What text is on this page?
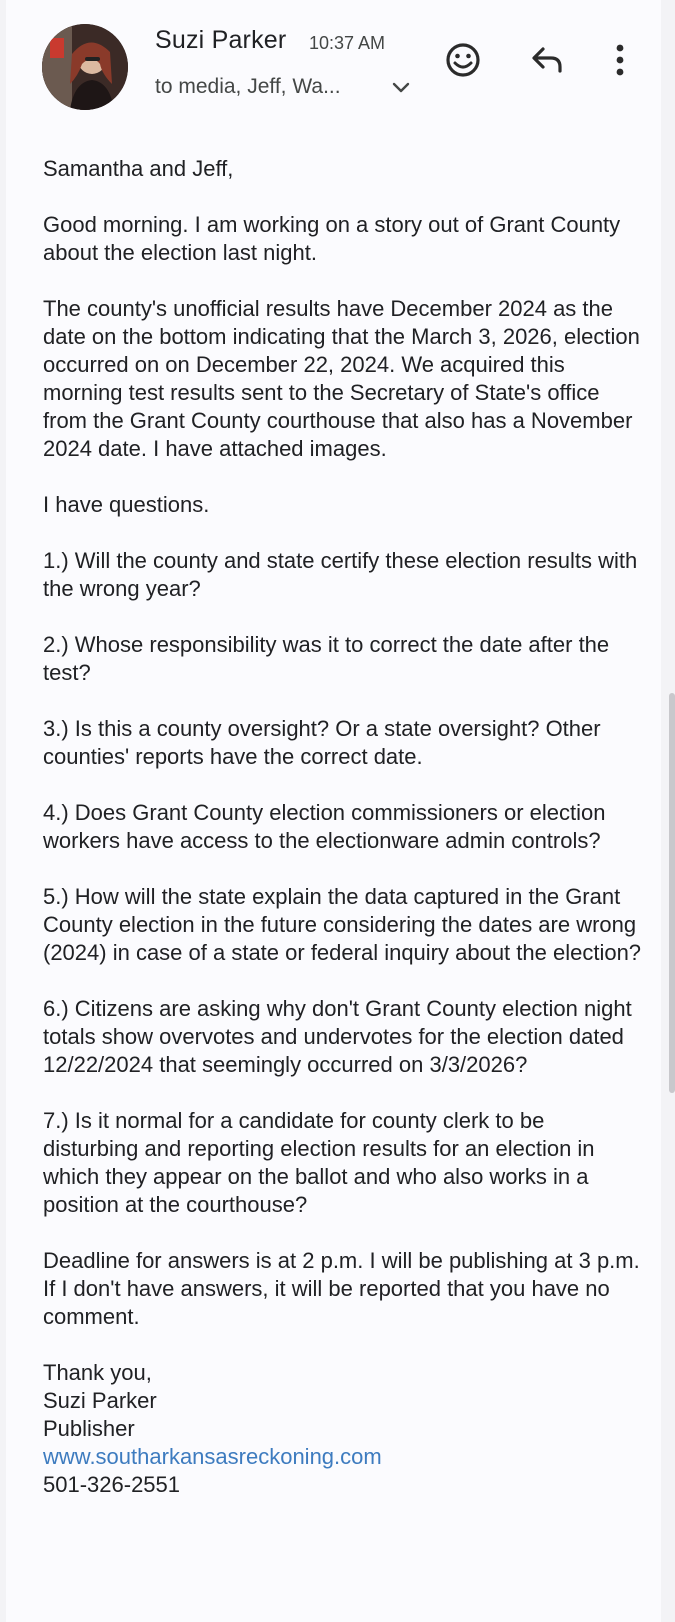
Suzi Parker 10:37 AM
to media, Jeff, Wa...

Samantha and Jeff,

Good morning. I am working on a story out of Grant County about the election last night.

The county's unofficial results have December 2024 as the date on the bottom indicating that the March 3, 2026, election occurred on on December 22, 2024. We acquired this morning test results sent to the Secretary of State's office from the Grant County courthouse that also has a November 2024 date. I have attached images.

I have questions.

1.) Will the county and state certify these election results with the wrong year?

2.) Whose responsibility was it to correct the date after the test?

3.) Is this a county oversight? Or a state oversight? Other counties' reports have the correct date.

4.) Does Grant County election commissioners or election workers have access to the electionware admin controls?

5.) How will the state explain the data captured in the Grant County election in the future considering the dates are wrong (2024) in case of a state or federal inquiry about the election?

6.) Citizens are asking why don't Grant County election night totals show overvotes and undervotes for the election dated 12/22/2024 that seemingly occurred on 3/3/2026?

7.) Is it normal for a candidate for county clerk to be disturbing and reporting election results for an election in which they appear on the ballot and who also works in a position at the courthouse?

Deadline for answers is at 2 p.m. I will be publishing at 3 p.m. If I don't have answers, it will be reported that you have no comment.

Thank you,
Suzi Parker
Publisher
www.southarkansasreckoning.com
501-326-2551
